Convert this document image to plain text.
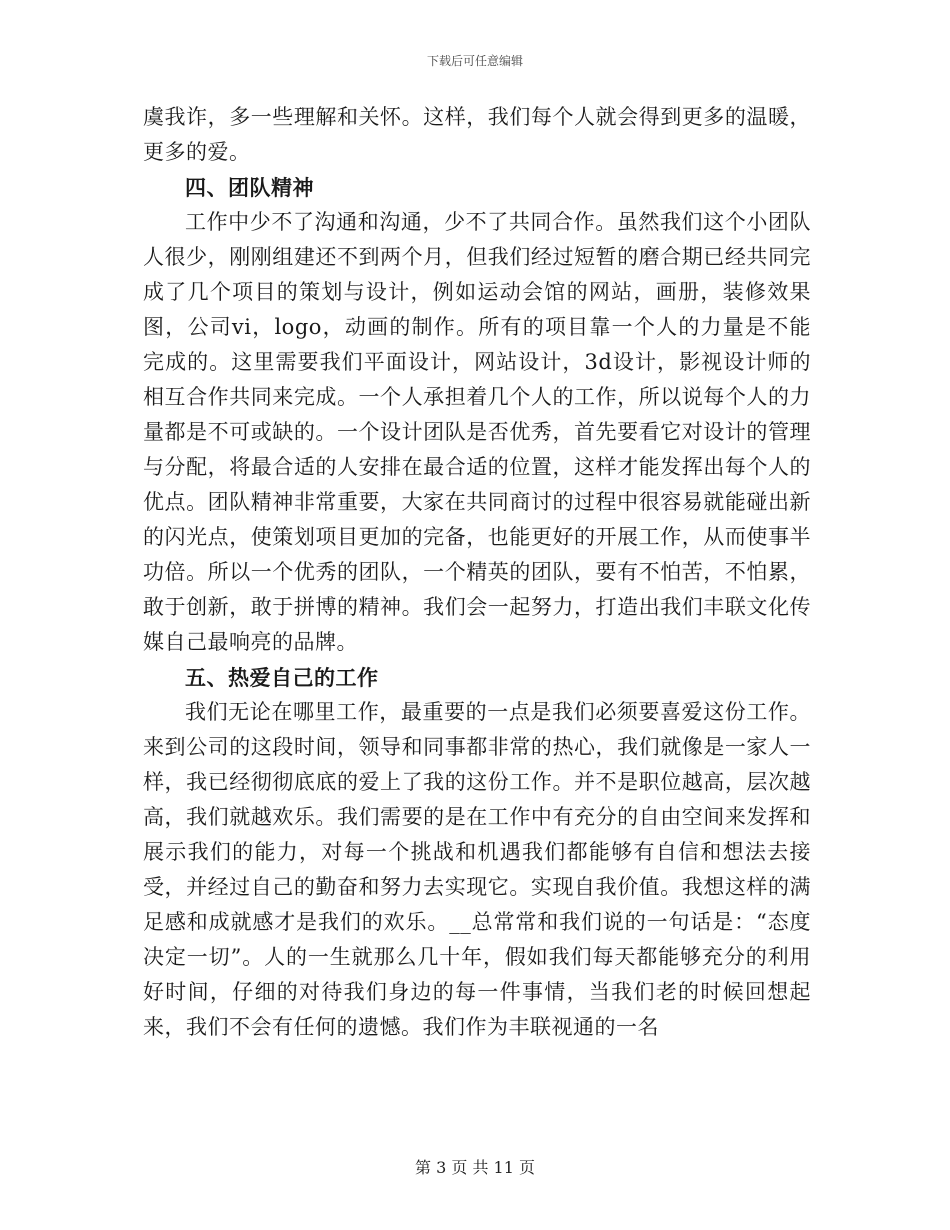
下载后可任意编辑

虞我诈，多一些理解和关怀。这样，我们每个人就会得到更多的温暖，更多的爱。

四、团队精神

工作中少不了沟通和沟通，少不了共同合作。虽然我们这个小团队人很少，刚刚组建还不到两个月，但我们经过短暂的磨合期已经共同完成了几个项目的策划与设计，例如运动会馆的网站，画册，装修效果图，公司vi，logo，动画的制作。所有的项目靠一个人的力量是不能完成的。这里需要我们平面设计，网站设计，3d设计，影视设计师的相互合作共同来完成。一个人承担着几个人的工作，所以说每个人的力量都是不可或缺的。一个设计团队是否优秀，首先要看它对设计的管理与分配，将最合适的人安排在最合适的位置，这样才能发挥出每个人的优点。团队精神非常重要，大家在共同商讨的过程中很容易就能碰出新的闪光点，使策划项目更加的完备，也能更好的开展工作，从而使事半功倍。所以一个优秀的团队，一个精英的团队，要有不怕苦，不怕累，敢于创新，敢于拼博的精神。我们会一起努力，打造出我们丰联文化传媒自己最响亮的品牌。

五、热爱自己的工作

我们无论在哪里工作，最重要的一点是我们必须要喜爱这份工作。来到公司的这段时间，领导和同事都非常的热心，我们就像是一家人一样，我已经彻彻底底的爱上了我的这份工作。并不是职位越高，层次越高，我们就越欢乐。我们需要的是在工作中有充分的自由空间来发挥和展示我们的能力，对每一个挑战和机遇我们都能够有自信和想法去接受，并经过自己的勤奋和努力去实现它。实现自我价值。我想这样的满足感和成就感才是我们的欢乐。__总常常和我们说的一句话是：“态度决定一切”。人的一生就那么几十年，假如我们每天都能够充分的利用好时间，仔细的对待我们身边的每一件事情，当我们老的时候回想起来，我们不会有任何的遗憾。我们作为丰联视通的一名

第 3 页 共 11 页
